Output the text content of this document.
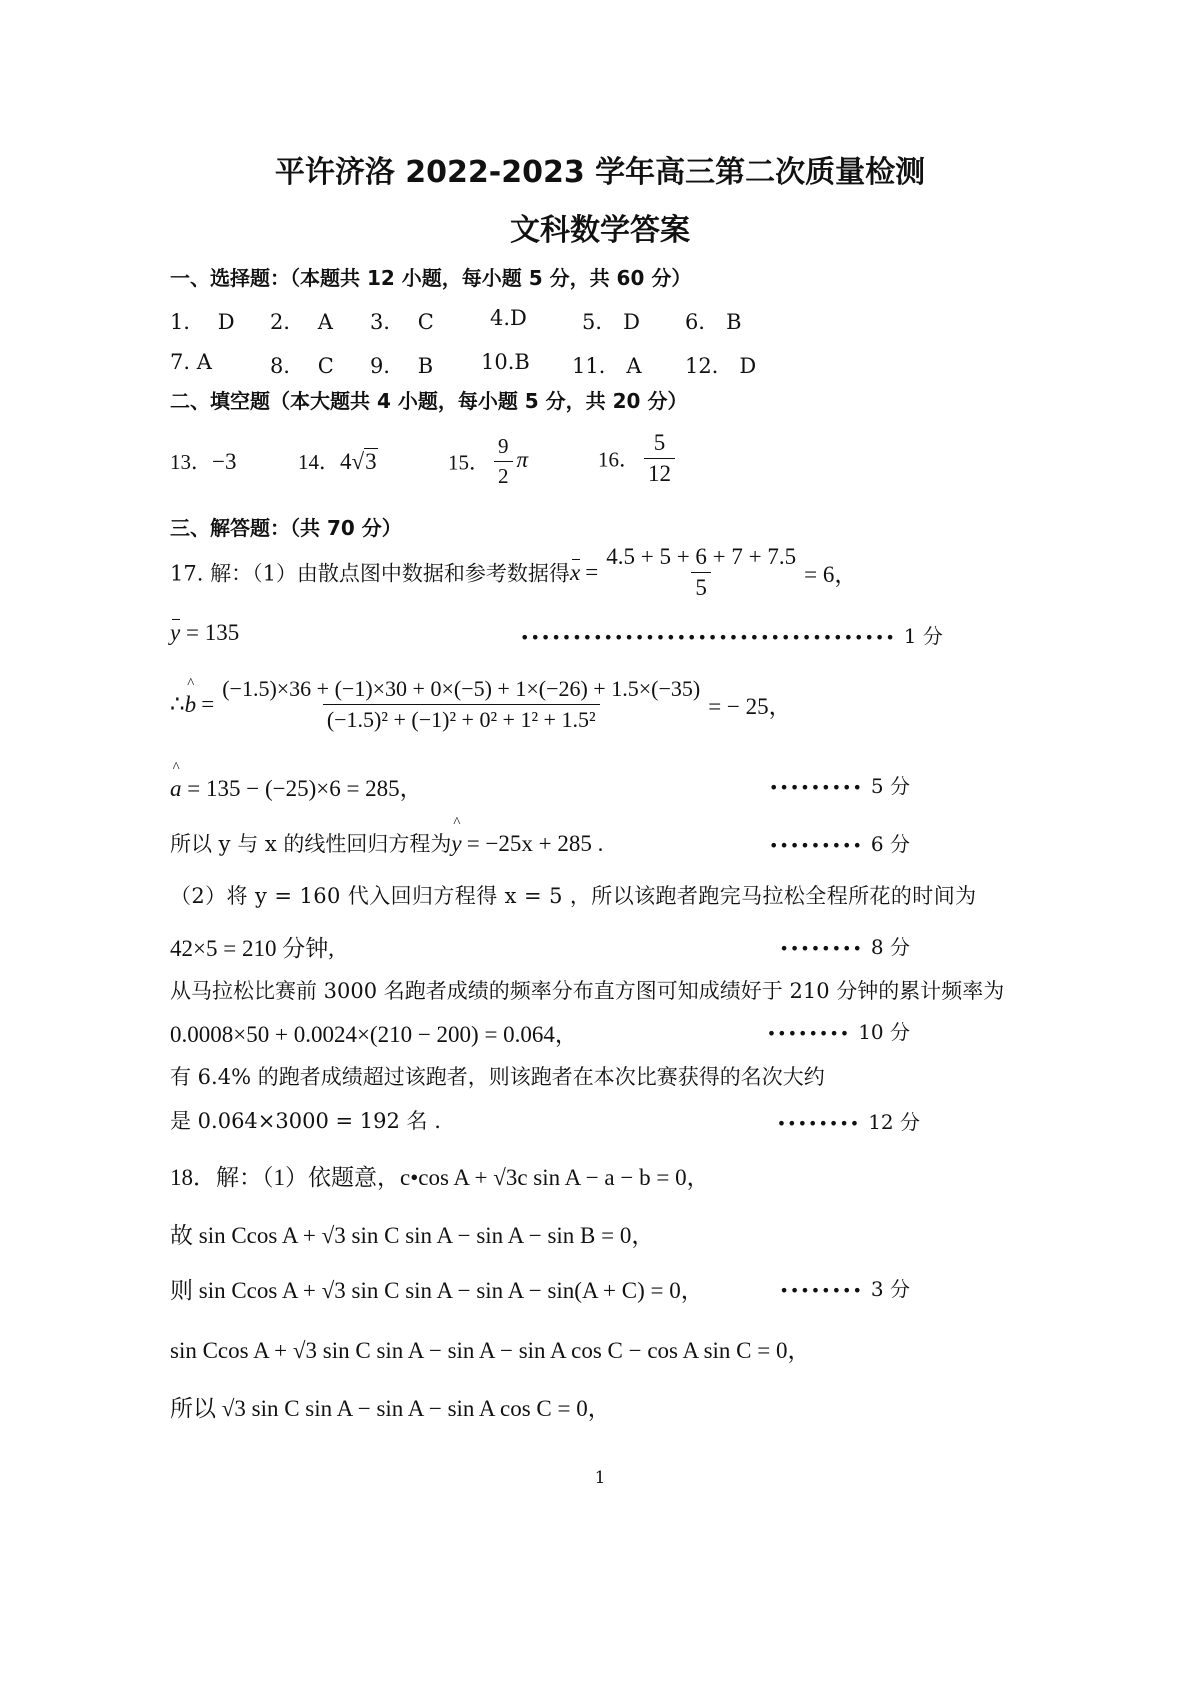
平许济洛 2022-2023 学年高三第二次质量检测
文科数学答案
一、选择题：（本题共 12 小题，每小题 5 分，共 60 分）
1． D 2． A 3． C	4.D	5． D 6． B
7. A	8． C 9． B 10.B 11． A 12． D
二、填空题（本大题共 4 小题，每小题 5 分，共 20 分）
13．−3	14．4√3	15． $\frac{9}{2}$ π	16． $\frac{5}{12}$
三、解答题：（共 70 分）
17. 解：（1）由散点图中数据和参考数据得$x = \frac{4.5 + 5 + 6 + 7 + 7.5}{5} = 6$，
y = 135	•••••••••••••••••••••••••••••••••••• 1 分
∴^ $b = \frac{(-1.5)\times 36 + (-1)\times 30 + 0\times(-5) + 1\times(-26) + 1.5\times(-35)}{\text{(−1.5)² + (−1)² + 0² + 1² + 1.5²}}$ = − 25，
^ a = 135 − (−25)×6 = 285，	••••••••• 5 分
所以 y 与 x 的线性回归方程为^ y = −25x + 285 .	••••••••• 6 分
（2）将 y = 160 代入回归方程得 x = 5 ，所以该跑者跑完马拉松全程所花的时间为
42×5 = 210 分钟,	•••••••• 8 分
从马拉松比赛前 3000 名跑者成绩的频率分布直方图可知成绩好于 210 分钟的累计频率为
0.0008×50 + 0.0024×(210 − 200) = 0.064，	•••••••• 10 分
有 6.4% 的跑者成绩超过该跑者，则该跑者在本次比赛获得的名次大约
是 0.064×3000 = 192 名 .	•••••••• 12 分
18．解：（1）依题意，c•cos A + √3c sin A − a − b = 0，
故 sin Ccos A + √3 sin C sin A − sin A − sin B = 0，
则 sin Ccos A + √3 sin C sin A − sin A − sin(A + C) = 0，	•••••••• 3 分
sin Ccos A + √3 sin C sin A − sin A − sin A cos C − cos A sin C = 0，
所以 √3 sin C sin A − sin A − sin A cos C = 0，
1
